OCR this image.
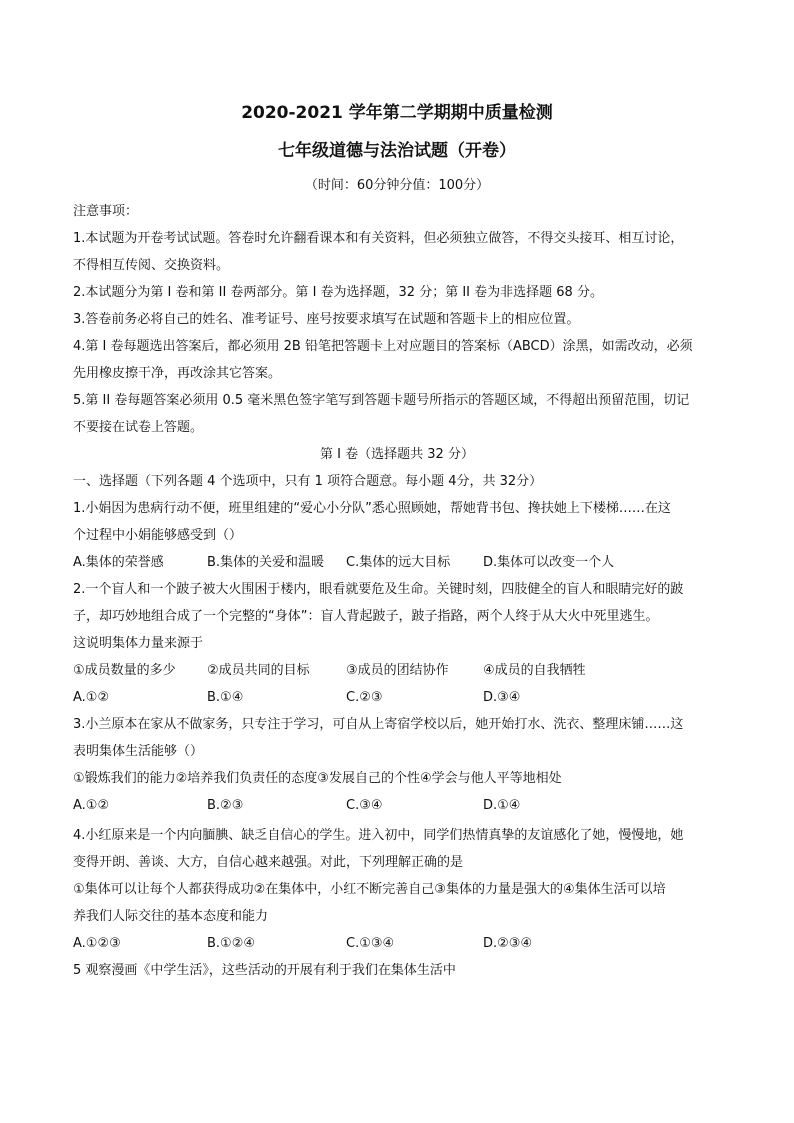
2020-2021 学年第二学期期中质量检测
七年级道德与法治试题（开卷）
（时间：60分钟分值：100分）
注意事项：
1.本试题为开卷考试试题。答卷时允许翻看课本和有关资料，但必须独立做答，不得交头接耳、相互讨论，
不得相互传阅、交换资料。
2.本试题分为第 I 卷和第 II 卷两部分。第 I 卷为选择题，32 分；第 II 卷为非选择题 68 分。
3.答卷前务必将自己的姓名、准考证号、座号按要求填写在试题和答题卡上的相应位置。
4.第 I 卷每题选出答案后，都必须用 2B 铅笔把答题卡上对应题目的答案标（ABCD）涂黑，如需改动，必须
先用橡皮擦干净，再改涂其它答案。
5.第 II 卷每题答案必须用 0.5 毫米黑色签字笔写到答题卡题号所指示的答题区域，不得超出预留范围，切记
不要接在试卷上答题。
第 I 卷（选择题共 32 分）
一、选择题（下列各题 4 个选项中，只有 1 项符合题意。每小题 4分，共 32分）
1.小娟因为患病行动不便，班里组建的“爱心小分队”悉心照顾她，帮她背书包、搀扶她上下楼梯……在这
个过程中小娟能够感受到（）
A.集体的荣誉感	B.集体的关爱和温暖 C.集体的远大目标	D.集体可以改变一个人
2.一个盲人和一个跛子被大火围困于楼内，眼看就要危及生命。关键时刻，四肢健全的盲人和眼睛完好的跛
子，却巧妙地组合成了一个完整的“身体”：盲人背起跛子，跛子指路，两个人终于从大火中死里逃生。
这说明集体力量来源于
①成员数量的多少 ②成员共同的目标	③成员的团结协作	④成员的自我牺牲
A.①②	B.①④	C.②③	D.③④
3.小兰原本在家从不做家务，只专注于学习，可自从上寄宿学校以后，她开始打水、洗衣、整理床铺……这
表明集体生活能够（）
①锻炼我们的能力②培养我们负责任的态度③发展自己的个性④学会与他人平等地相处
A.①②	B.②③	C.③④	D.①④
4.小红原来是一个内向腼腆、缺乏自信心的学生。进入初中，同学们热情真挚的友谊感化了她，慢慢地，她
变得开朗、善谈、大方，自信心越来越强。对此，下列理解正确的是
①集体可以让每个人都获得成功②在集体中，小红不断完善自己③集体的力量是强大的④集体生活可以培
养我们人际交往的基本态度和能力
A.①②③	B.①②④	C.①③④	D.②③④
5 观察漫画《中学生活》，这些活动的开展有利于我们在集体生活中
